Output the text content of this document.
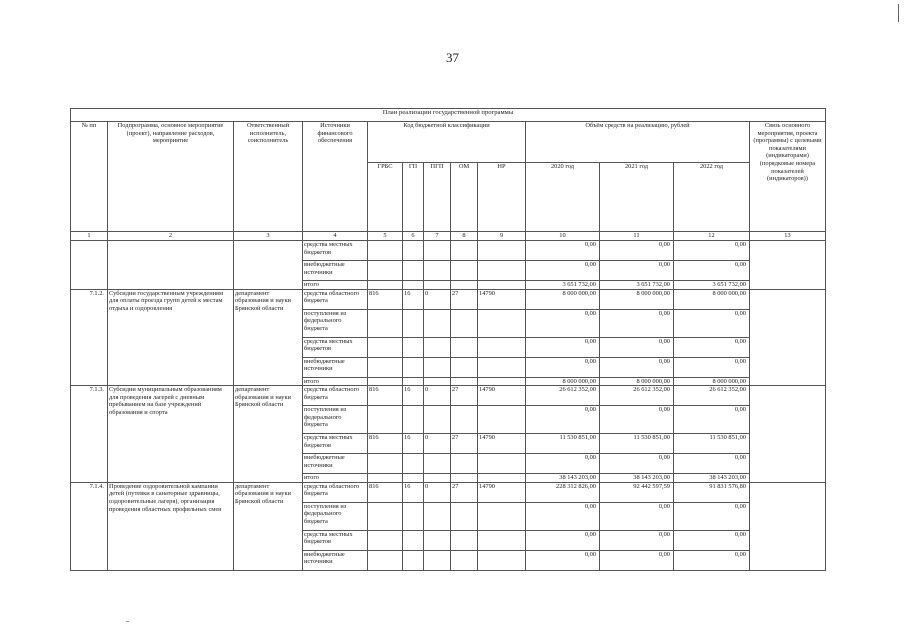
37
План реализации государственной программы												
№ пп	Подпрограмма, основное мероприятие (проект), направление расходов, мероприятие	Ответственный исполнитель, соисполнитель	Источники финансового обеспечения	Код бюджетной классификации					Объём средств на реализацию, рублей			Связь основного мероприятия, проекта (программы) с целевыми показателями (индикаторами) (порядковые номера показателей (индикаторов))
				ГРБС	ГП	ПГП	ОМ	НР	2020 год	2021 год	2022 год	
1	2	3	4	5	6	7	8	9	10	11	12	13
			средства местных бюджетов						0,00	0,00	0,00	
			внебюджетные источники						0,00	0,00	0,00	
			итого						3 651 732,00	3 651 732,00	3 651 732,00	
7.1.2.	Субсидии государственным учреждениям для оплаты проезда групп детей к местам отдыха и оздоровления	департамент образования и науки Брянской области	средства областного бюджета	816	16	0	27	14790	8 000 000,00	8 000 000,00	8 000 000,00	
			поступления из федерального бюджета						0,00	0,00	0,00	
			средства местных бюджетов						0,00	0,00	0,00	
			внебюджетные источники						0,00	0,00	0,00	
			итого						8 000 000,00	8 000 000,00	8 000 000,00	
7.1.3.	Субсидии муниципальным образованиям для проведения лагерей с дневным пребыванием на базе учреждений образования и спорта	департамент образования и науки Брянской области	средства областного бюджета	816	16	0	27	14790	26 612 352,00	26 612 352,00	26 612 352,00	
			поступления из федерального бюджета						0,00	0,00	0,00	
			средства местных бюджетов	816	16	0	27	14790	11 530 851,00	11 530 851,00	11 530 851,00	
			внебюджетные источники						0,00	0,00	0,00	
			итого						38 143 203,00	38 143 203,00	38 143 203,00	
7.1.4.	Проведение оздоровительной кампании детей (путевки в санаторные здравницы, оздоровительные лагеря), организация проведения областных профильных смен	департамент образования и науки Брянской области	средства областного бюджета	816	16	0	27	14790	228 312 826,00	92 442 597,59	91 831 576,80	
			поступления из федерального бюджета						0,00	0,00	0,00	
			средства местных бюджетов						0,00	0,00	0,00	
			внебюджетные источники						0,00	0,00	0,00	
